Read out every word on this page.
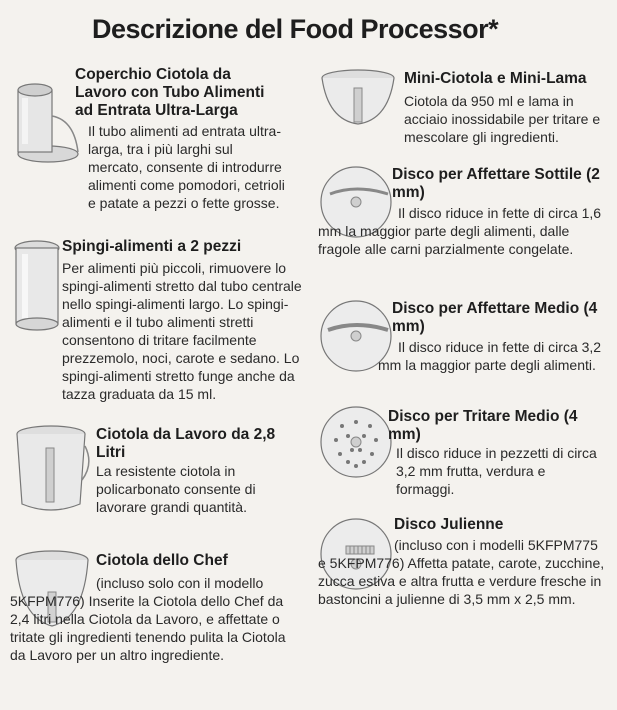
Descrizione del Food Processor*
Coperchio Ciotola da Lavoro con Tubo Alimenti ad Entrata Ultra-Larga
Il tubo alimenti ad entrata ultra-larga, tra i più larghi sul mercato, consente di introdurre alimenti come pomodori, cetrioli e patate a pezzi o fette grosse.
Spingi-alimenti a 2 pezzi
Per alimenti più piccoli, rimuovere lo spingi-alimenti stretto dal tubo centrale nello spingi-alimenti largo. Lo spingi-alimenti e il tubo alimenti stretti consentono di tritare facilmente prezzemolo, noci, carote e sedano. Lo spingi-alimenti stretto funge anche da tazza graduata da 15 ml.
Ciotola da Lavoro da 2,8 Litri
La resistente ciotola in policarbonato consente di lavorare grandi quantità.
Ciotola dello Chef
(incluso solo con il modello 5KFPM776) Inserite la Ciotola dello Chef da 2,4 litri nella Ciotola da Lavoro, e affettate o tritate gli ingredienti tenendo pulita la Ciotola da Lavoro per un altro ingrediente.
Mini-Ciotola e Mini-Lama
Ciotola da 950 ml e lama in acciaio inossidabile per tritare e mescolare gli ingredienti.
Disco per Affettare Sottile (2 mm)
Il disco riduce in fette di circa 1,6 mm la maggior parte degli alimenti, dalle fragole alle carni parzialmente congelate.
Disco per Affettare Medio (4 mm)
Il disco riduce in fette di circa 3,2 mm la maggior parte degli alimenti.
Disco per Tritare Medio (4 mm)
Il disco riduce in pezzetti di circa 3,2 mm frutta, verdura e formaggi.
Disco Julienne
(incluso con i modelli 5KFPM775 e 5KFPM776) Affetta patate, carote, zucchine, zucca estiva e altra frutta e verdure fresche in bastoncini a julienne di 3,5 mm x 2,5 mm.
